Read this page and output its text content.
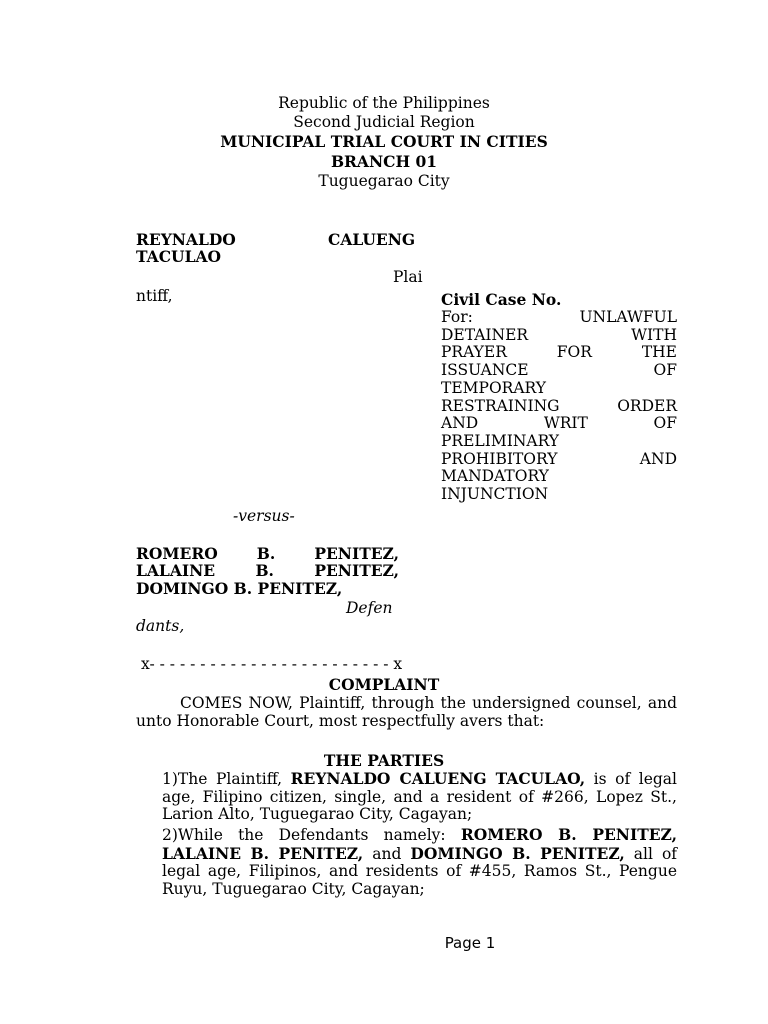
Republic of the Philippines
Second Judicial Region
MUNICIPAL TRIAL COURT IN CITIES
BRANCH 01
Tuguegarao City
REYNALDO	CALUENG
TACULAO
Plai
ntiff,	Civil Case No.
For: UNLAWFUL
DETAINER WITH
PRAYER FOR THE
ISSUANCE OF
TEMPORARY
RESTRAINING ORDER
AND WRIT OF
PRELIMINARY
PROHIBITORY AND
MANDATORY
INJUNCTION
-versus-
ROMERO B. PENITEZ,
LALAINE B. PENITEZ,
DOMINGO B. PENITEZ,
Defen
dants,
x- - - - - - - - - - - - - - - - - - - - - - - - x
COMPLAINT
COMES NOW, Plaintiff, through the undersigned counsel, and unto Honorable Court, most respectfully avers that:
THE PARTIES
1)The Plaintiff, REYNALDO CALUENG TACULAO, is of legal age, Filipino citizen, single, and a resident of #266, Lopez St., Larion Alto, Tuguegarao City, Cagayan;
2)While the Defendants namely: ROMERO B. PENITEZ, LALAINE B. PENITEZ, and DOMINGO B. PENITEZ, all of legal age, Filipinos, and residents of #455, Ramos St., Pengue Ruyu, Tuguegarao City, Cagayan;
Page 1
